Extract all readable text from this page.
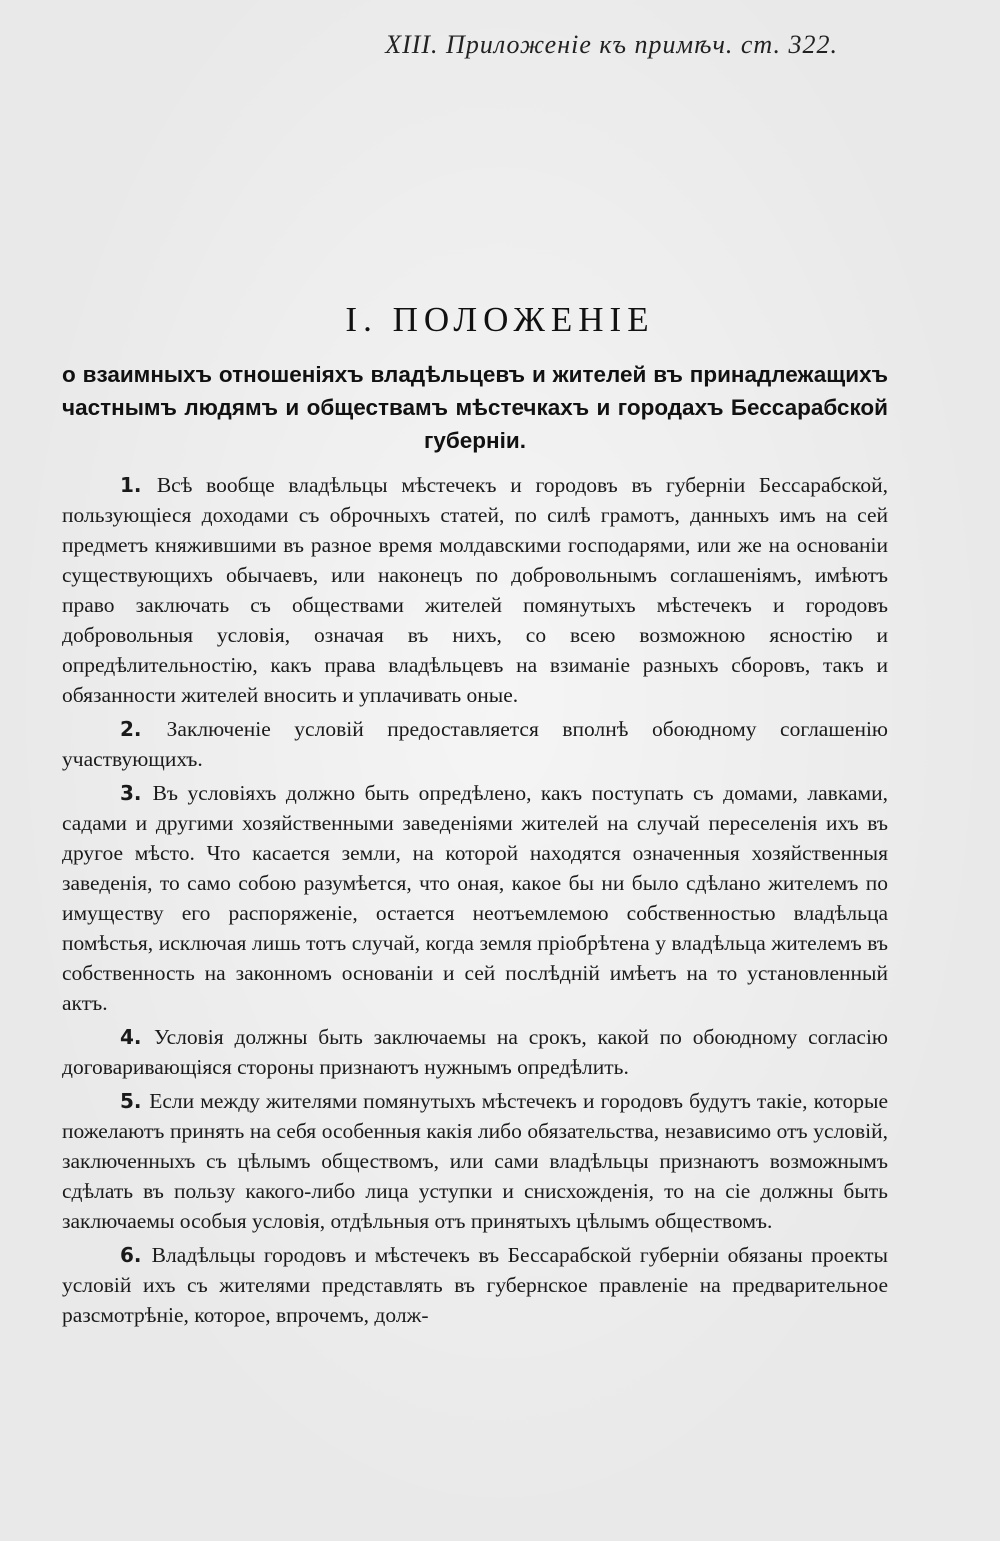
XIII. Приложенiе къ примѣч. ст. 322.
I. ПОЛОЖЕНIЕ
о взаимныхъ отношенiяхъ владѣльцевъ и жителей въ принадлежащихъ частнымъ людямъ и обществамъ мѣстечкахъ и городахъ Бессарабской губернiи.

1. Всѣ вообще владѣльцы мѣстечекъ и городовъ въ губернiи Бессарабской, пользующiеся доходами съ оброчныхъ статей, по силѣ грамотъ, данныхъ имъ на сей предметъ княжившими въ разное время молдавскими господарями, или же на основанiи существующихъ обычаевъ, или наконецъ по добровольнымъ соглашенiямъ, имѣютъ право заключать съ обществами жителей помянутыхъ мѣстечекъ и городовъ добровольныя условiя, означая въ нихъ, со всею возможною ясностiю и опредѣлительностiю, какъ права владѣльцевъ на взиманiе разныхъ сборовъ, такъ и обязанности жителей вносить и уплачивать оные.

2. Заключенiе условiй предоставляется вполнѣ обоюдному соглашенiю участвующихъ.

3. Въ условiяхъ должно быть опредѣлено, какъ поступать съ домами, лавками, садами и другими хозяйственными заведенiями жителей на случай переселенiя ихъ въ другое мѣсто. Что касается земли, на которой находятся означенныя хозяйственныя заведенiя, то само собою разумѣется, что оная, какое бы ни было сдѣлано жителемъ по имуществу его распоряженiе, остается неотъемлемою собственностью владѣльца помѣстья, исключая лишь тотъ случай, когда земля прiобрѣтена у владѣльца жителемъ въ собственность на законномъ основанiи и сей послѣднiй имѣетъ на то установленный актъ.

4. Условiя должны быть заключаемы на срокъ, какой по обоюдному согласiю договаривающiяся стороны признаютъ нужнымъ опредѣлить.

5. Если между жителями помянутыхъ мѣстечекъ и городовъ будутъ такiе, которые пожелаютъ принять на себя особенныя какiя либо обязательства, независимо отъ условiй, заключенныхъ съ цѣлымъ обществомъ, или сами владѣльцы признаютъ возможнымъ сдѣлать въ пользу какого-либо лица уступки и снисхожденiя, то на сiе должны быть заключаемы особыя условiя, отдѣльныя отъ принятыхъ цѣлымъ обществомъ.

6. Владѣльцы городовъ и мѣстечекъ въ Бессарабской губернiи обязаны проекты условiй ихъ съ жителями представлять въ губернское правленiе на предварительное разсмотрѣнiе, которое, впрочемъ, долж-
